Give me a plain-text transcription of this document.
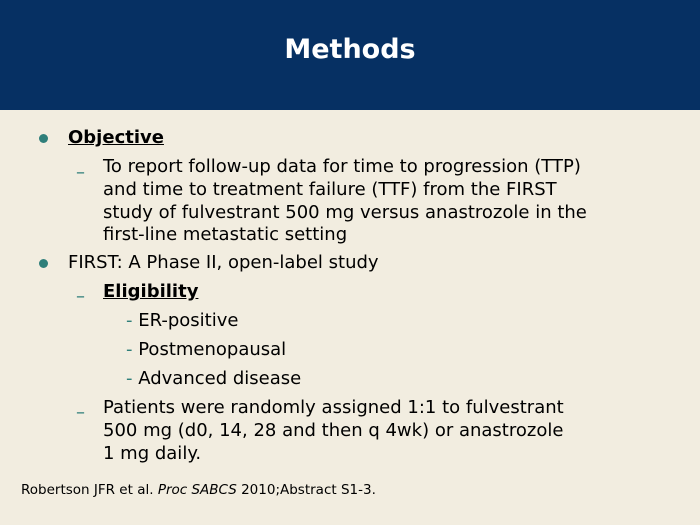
Methods
Objective
– To report follow-up data for time to progression (TTP)
and time to treatment failure (TTF) from the FIRST
study of fulvestrant 500 mg versus anastrozole in the
first-line metastatic setting
FIRST: A Phase II, open-label study
– Eligibility
- ER-positive
- Postmenopausal
- Advanced disease
– Patients were randomly assigned 1:1 to fulvestrant
500 mg (d0, 14, 28 and then q 4wk) or anastrozole
1 mg daily.
Robertson JFR et al. Proc SABCS 2010;Abstract S1-3.
